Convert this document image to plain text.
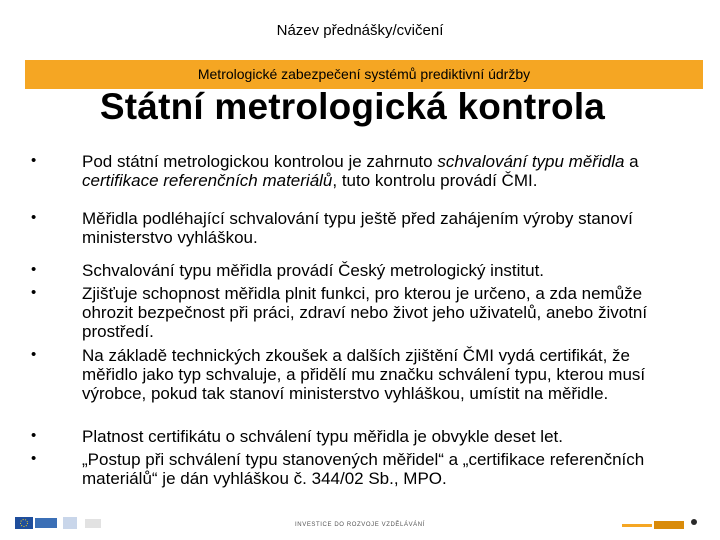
Název přednášky/cvičení
Metrologické zabezpečení systémů prediktivní údržby
Státní metrologická kontrola
•	Pod státní metrologickou kontrolou je zahrnuto schvalování typu měřidla a certifikace referenčních materiálů, tuto kontrolu provádí ČMI.
•	Měřidla podléhající schvalování typu ještě před zahájením výroby stanoví ministerstvo vyhláškou.
•	Schvalování typu měřidla provádí Český metrologický institut.
•	Zjišťuje schopnost měřidla plnit funkci, pro kterou je určeno, a zda nemůže ohrozit bezpečnost při práci, zdraví nebo život jeho uživatelů, anebo životní prostředí.
•	Na základě technických zkoušek a dalších zjištění ČMI vydá certifikát, že měřidlo jako typ schvaluje, a přidělí mu značku schválení typu, kterou musí výrobce, pokud tak stanoví ministerstvo vyhláškou, umístit na měřidle.
•	Platnost certifikátu o schválení typu měřidla je obvykle deset let.
•	„Postup při schválení typu stanovených měřidel“ a „certifikace referenčních materiálů“ je dán vyhláškou č. 344/02 Sb., MPO.
INVESTICE DO ROZVOJE VZDĚLÁVÁNÍ
